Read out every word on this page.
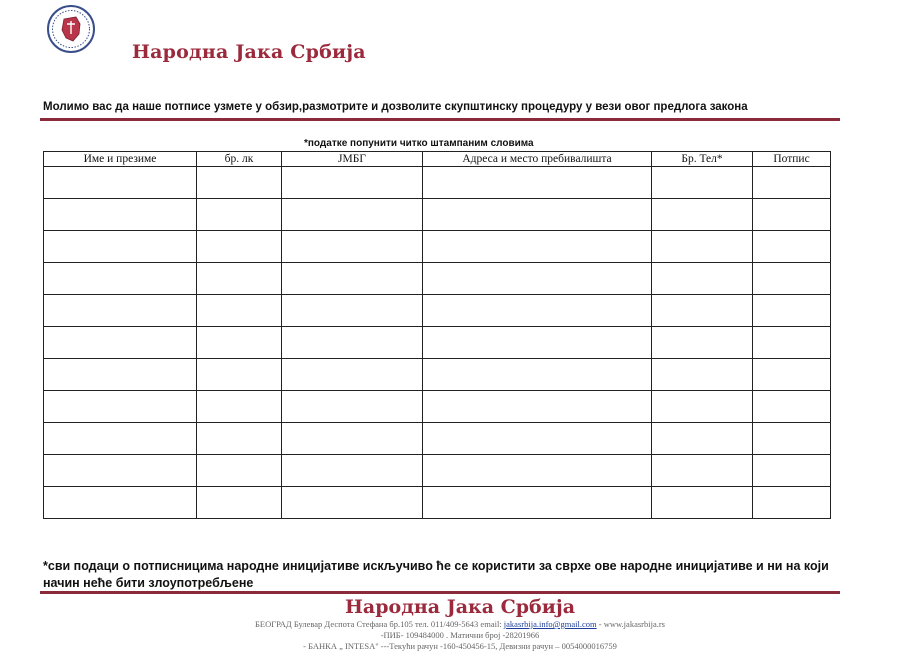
Народна Јака Србија
Молимо вас да наше потписе узмете у обзир,размотрите и дозволите скупштинску процедуру у вези овог предлога закона
*податке попунити читко штампаним словима
Име и презиме	бр. лк	ЈМБГ	Адреса и место пребивалишта	Бр. Тел*	Потпис

*сви подаци о потписницима народне иницијативе искључиво ће се користити за сврхе ове народне иницијативе и ни на који начин неће бити злоупотребљене
Народна Јака Србија
БЕОГРАД Булевар Деспота Стефана бр.105 тел. 011/409-5643 email: jakasrbija.info@gmail.com - www.jakasrbija.rs
-ПИБ- 109484000 . Матични број -28201966
- БАНКА „ INTESA" ---Текући рачун -160-450456-15, Девизни рачун – 0054000016759
